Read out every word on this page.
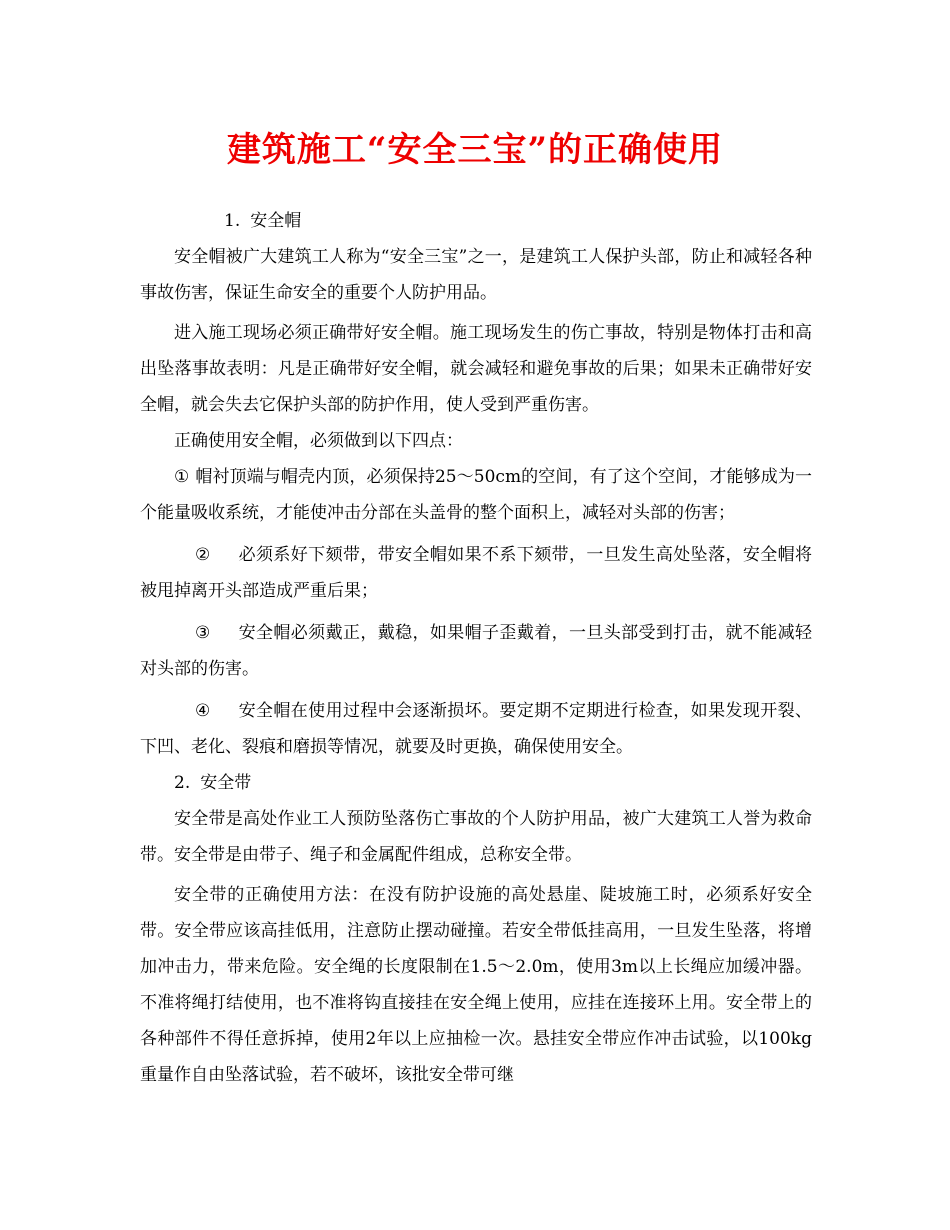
建筑施工“安全三宝”的正确使用

1. 安全帽

安全帽被广大建筑工人称为“安全三宝”之一，是建筑工人保护头部，防止和减轻各种事故伤害，保证生命安全的重要个人防护用品。

进入施工现场必须正确带好安全帽。施工现场发生的伤亡事故，特别是物体打击和高出坠落事故表明：凡是正确带好安全帽，就会减轻和避免事故的后果；如果未正确带好安全帽，就会失去它保护头部的防护作用，使人受到严重伤害。

正确使用安全帽，必须做到以下四点：

① 帽衬顶端与帽壳内顶，必须保持25～50cm的空间，有了这个空间，才能够成为一个能量吸收系统，才能使冲击分部在头盖骨的整个面积上，减轻对头部的伤害；

② 必须系好下颏带，带安全帽如果不系下颏带，一旦发生高处坠落，安全帽将被甩掉离开头部造成严重后果；

③ 安全帽必须戴正，戴稳，如果帽子歪戴着，一旦头部受到打击，就不能减轻对头部的伤害。

④ 安全帽在使用过程中会逐渐损坏。要定期不定期进行检查，如果发现开裂、下凹、老化、裂痕和磨损等情况，就要及时更换，确保使用安全。

2. 安全带

安全带是高处作业工人预防坠落伤亡事故的个人防护用品，被广大建筑工人誉为救命带。安全带是由带子、绳子和金属配件组成，总称安全带。

安全带的正确使用方法：在没有防护设施的高处悬崖、陡坡施工时，必须系好安全带。安全带应该高挂低用，注意防止摆动碰撞。若安全带低挂高用，一旦发生坠落，将增加冲击力，带来危险。安全绳的长度限制在1.5～2.0m，使用3m以上长绳应加缓冲器。不准将绳打结使用，也不准将钩直接挂在安全绳上使用，应挂在连接环上用。安全带上的各种部件不得任意拆掉，使用2年以上应抽检一次。悬挂安全带应作冲击试验，以100kg重量作自由坠落试验，若不破坏，该批安全带可继
